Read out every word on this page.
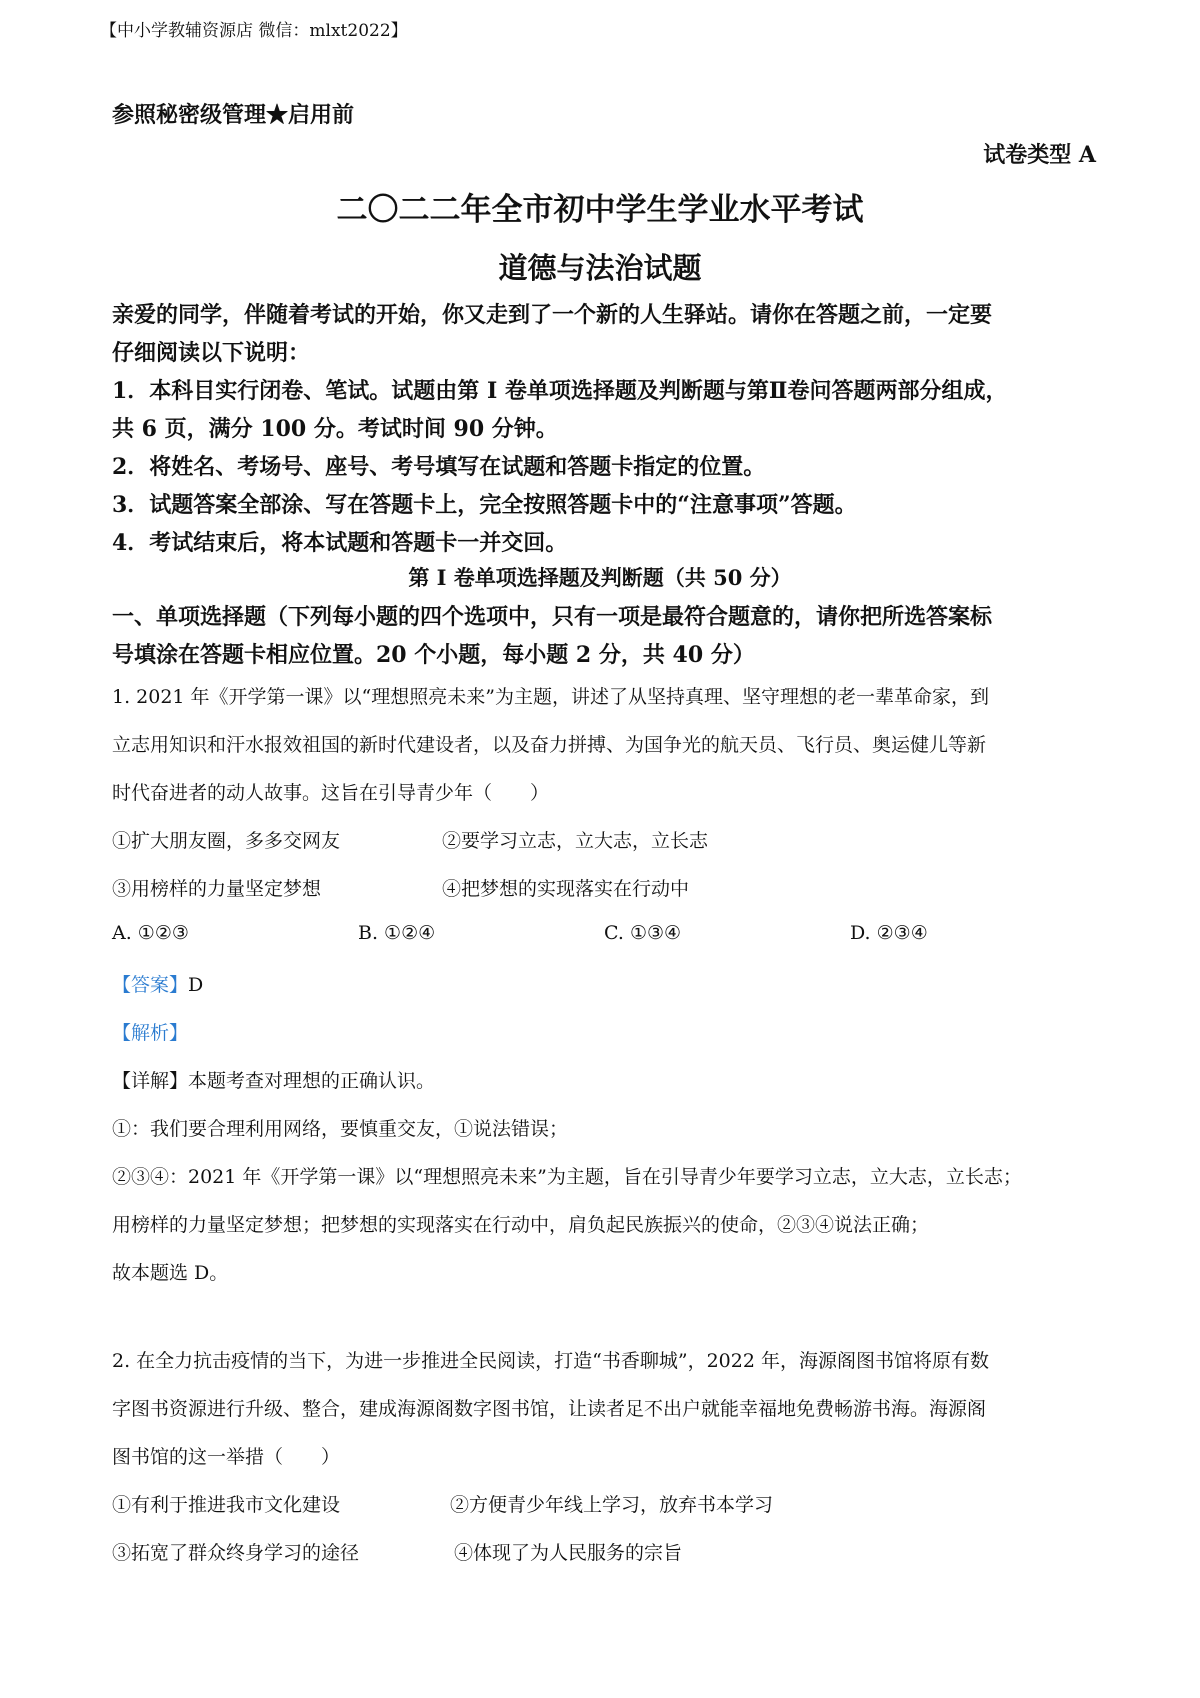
【中小学教辅资源店 微信：mlxt2022】
参照秘密级管理★启用前
试卷类型 A
二〇二二年全市初中学生学业水平考试
道德与法治试题
亲爱的同学，伴随着考试的开始，你又走到了一个新的人生驿站。请你在答题之前，一定要
仔细阅读以下说明：
1．本科目实行闭卷、笔试。试题由第 I 卷单项选择题及判断题与第Ⅱ卷问答题两部分组成，
共 6 页，满分 100 分。考试时间 90 分钟。
2．将姓名、考场号、座号、考号填写在试题和答题卡指定的位置。
3．试题答案全部涂、写在答题卡上，完全按照答题卡中的“注意事项”答题。
4．考试结束后，将本试题和答题卡一并交回。
第 I 卷单项选择题及判断题（共 50 分）
一、单项选择题（下列每小题的四个选项中，只有一项是最符合题意的，请你把所选答案标
号填涂在答题卡相应位置。20 个小题，每小题 2 分，共 40 分）
1. 2021 年《开学第一课》以“理想照亮未来”为主题，讲述了从坚持真理、坚守理想的老一辈革命家，到
立志用知识和汗水报效祖国的新时代建设者，以及奋力拼搏、为国争光的航天员、飞行员、奥运健儿等新
时代奋进者的动人故事。这旨在引导青少年（　　）
①扩大朋友圈，多多交网友	②要学习立志，立大志，立长志
③用榜样的力量坚定梦想	④把梦想的实现落实在行动中
A. ①②③	B. ①②④	C. ①③④	D. ②③④
【答案】D
【解析】
【详解】本题考查对理想的正确认识。
①：我们要合理利用网络，要慎重交友，①说法错误；
②③④：2021 年《开学第一课》以“理想照亮未来”为主题，旨在引导青少年要学习立志，立大志，立长志；
用榜样的力量坚定梦想；把梦想的实现落实在行动中，肩负起民族振兴的使命，②③④说法正确；
故本题选 D。
2. 在全力抗击疫情的当下，为进一步推进全民阅读，打造“书香聊城”，2022 年，海源阁图书馆将原有数
字图书资源进行升级、整合，建成海源阁数字图书馆，让读者足不出户就能幸福地免费畅游书海。海源阁
图书馆的这一举措（　　）
①有利于推进我市文化建设	②方便青少年线上学习，放弃书本学习
③拓宽了群众终身学习的途径	④体现了为人民服务的宗旨
